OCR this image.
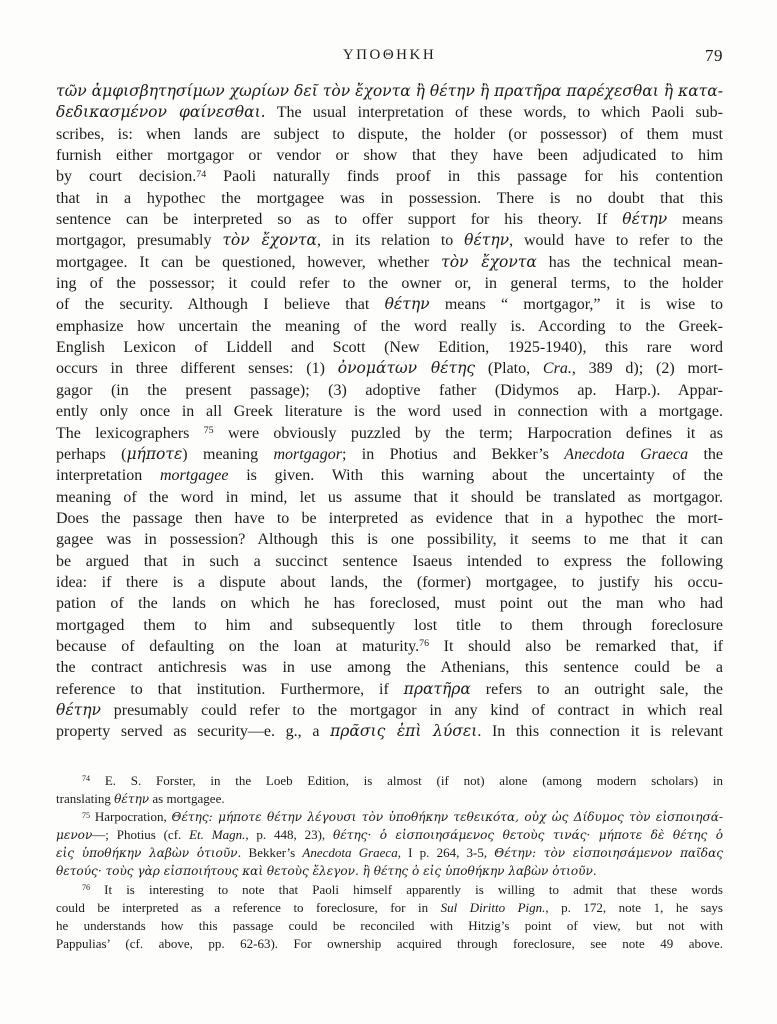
ΥΠΟΘΗΚΗ	79
τῶν ἀμφισβητησίμων χωρίων δεῖ τὸν ἔχοντα ἢ θέτην ἢ πρατῆρα παρέχεσθαι ἢ κατα-
δεδικασμένον φαίνεσθαι. The usual interpretation of these words, to which Paoli sub-
scribes, is: when lands are subject to dispute, the holder (or possessor) of them must
furnish either mortgagor or vendor or show that they have been adjudicated to him
by court decision.$^{74}$ Paoli naturally finds proof in this passage for his contention
that in a hypothec the mortgagee was in possession. There is no doubt that this
sentence can be interpreted so as to offer support for his theory. If θέτην means
mortgagor, presumably τὸν ἔχοντα, in its relation to θέτην, would have to refer to the
mortgagee. It can be questioned, however, whether τὸν ἔχοντα has the technical mean-
ing of the possessor; it could refer to the owner or, in general terms, to the holder
of the security. Although I believe that θέτην means “ mortgagor,” it is wise to
emphasize how uncertain the meaning of the word really is. According to the Greek-
English Lexicon of Liddell and Scott (New Edition, 1925-1940), this rare word
occurs in three different senses: (1) ὀνομάτων θέτης (Plato, Cra., 389 d); (2) mort-
gagor (in the present passage); (3) adoptive father (Didymos ap. Harp.). Appar-
ently only once in all Greek literature is the word used in connection with a mortgage.
The lexicographers $^{75}$ were obviously puzzled by the term; Harpocration defines it as
perhaps (μήποτε) meaning mortgagor; in Photius and Bekker’s Anecdota Graeca the
interpretation mortgagee is given. With this warning about the uncertainty of the
meaning of the word in mind, let us assume that it should be translated as mortgagor.
Does the passage then have to be interpreted as evidence that in a hypothec the mort-
gagee was in possession? Although this is one possibility, it seems to me that it can
be argued that in such a succinct sentence Isaeus intended to express the following
idea: if there is a dispute about lands, the (former) mortgagee, to justify his occu-
pation of the lands on which he has foreclosed, must point out the man who had
mortgaged them to him and subsequently lost title to them through foreclosure
because of defaulting on the loan at maturity.$^{76}$ It should also be remarked that, if
the contract antichresis was in use among the Athenians, this sentence could be a
reference to that institution. Furthermore, if πρατῆρα refers to an outright sale, the
θέτην presumably could refer to the mortgagor in any kind of contract in which real
property served as security—e. g., a πρᾶσις ἐπὶ λύσει. In this connection it is relevant
$^{74}$ E. S. Forster, in the Loeb Edition, is almost (if not) alone (among modern scholars) in
translating θέτην as mortgagee.
$^{75}$ Harpocration, Θέτης: μήποτε θέτην λέγουσι τὸν ὑποθήκην τεθεικότα, οὐχ ὡς Δίδυμος τὸν εἰσποιησά-
μενον—; Photius (cf. Et. Magn., p. 448, 23), θέτης· ὁ εἰσποιησάμενος θετοὺς τινάς· μήποτε δὲ θέτης ὁ
εἰς ὑποθήκην λαβὼν ὁτιοῦν. Bekker’s Anecdota Graeca, I p. 264, 3-5, Θέτην: τὸν εἰσποιησάμενον παῖδας
θετούς· τοὺς γὰρ εἰσποιήτους καὶ θετοὺς ἔλεγον. ἢ θέτης ὁ εἰς ὑποθήκην λαβὼν ὁτιοῦν.
$^{76}$ It is interesting to note that Paoli himself apparently is willing to admit that these words
could be interpreted as a reference to foreclosure, for in Sul Diritto Pign., p. 172, note 1, he says
he understands how this passage could be reconciled with Hitzig’s point of view, but not with
Pappulias’ (cf. above, pp. 62-63). For ownership acquired through foreclosure, see note 49 above.
